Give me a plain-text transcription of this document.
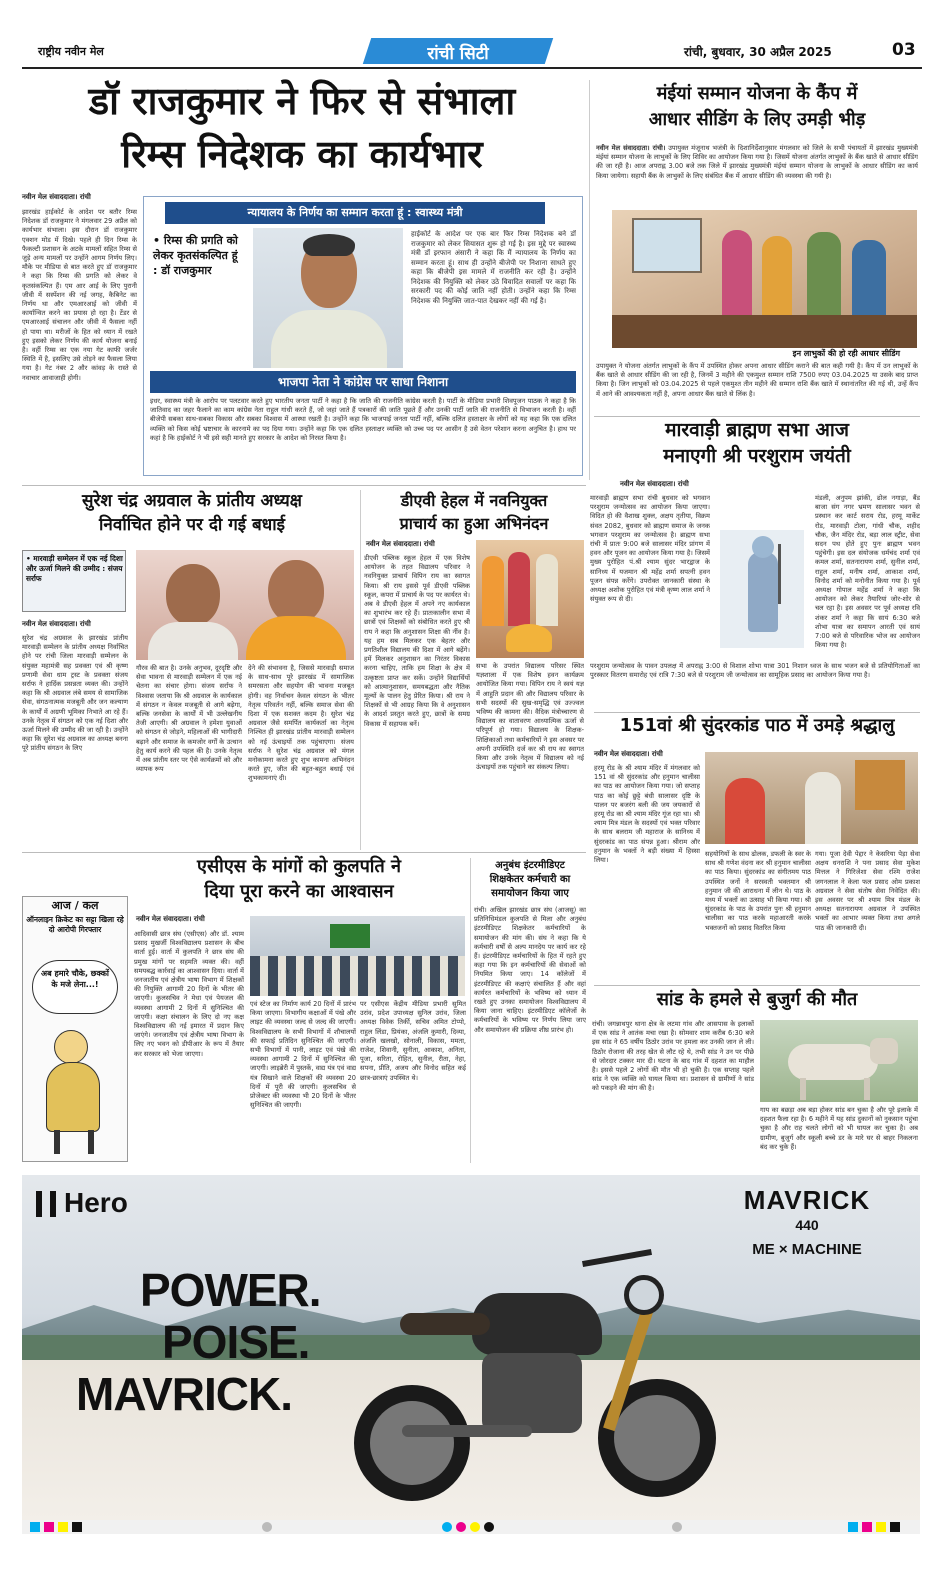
राष्ट्रीय नवीन मेल	रांची सिटी	रांची, बुधवार, 30 अप्रैल 2025	03
डॉ राजकुमार ने फिर से संभाला
रिम्स निदेशक का कार्यभार
नवीन मेल संवाददाता। रांची
झारखंड हाईकोर्ट के आदेश पर बतौर रिम्स निदेशक डॉ राजकुमार ने मंगलवार 29 अप्रैल को कार्यभार संभाला। इस दौरान डॉ राजकुमार एक्शन मोड में दिखे। पहले ही दिन रिम्स के फैकल्टी प्रशासन के अटके मामलों सहित रिम्स से जुड़े अन्य मामलों पर उन्होंने आगम निर्णय लिए। मौके पर मीडिया से बात करते हुए डॉ राजकुमार ने कहा कि रिम्स की प्रगति को लेकर वे कृतसंकल्पित हैं। एम आर आई के लिए पुरानी जीवी में सस्पेंशन की नई जगह, कैबिनेट का निर्णय था और एमआरआई को जीवी में कार्यान्वित करने का प्रयास हो रहा है। टेंडर से एमआरआई संचालन और जीवी में फैसला नहीं हो पाया था। मरीजों के हित को ध्यान में रखते हुए इसको लेकर निर्णय की कार्य योजना बनाई है। वहीं रिम्स का एक नया गेट काफी जर्जर स्थिति में है, इसलिए उसे तोड़ने का फैसला लिया गया है। गेट नंबर 2 और कांवड़ के रास्ते से नवाचार आवाजाही होगी।
न्यायालय के निर्णय का सम्मान करता हूं : स्वास्थ्य मंत्री
• रिम्स की प्रगति को लेकर कृतसंकल्पित हूं : डॉ राजकुमार
हाईकोर्ट के आदेश पर एक बार फिर रिम्स निदेशक बने डॉ राजकुमार को लेकर सियासत शुरू हो गई है। इस मुद्दे पर स्वास्थ्य मंत्री डॉ इरफान अंसारी ने कहा कि मैं न्यायालय के निर्णय का सम्मान करता हूं। साथ ही उन्होंने बीजेपी पर निशाना साधते हुए कहा कि बीजेपी इस मामले में राजनीति कर रही है। उन्होंने निदेशक की नियुक्ति को लेकर उठे विवादित सवालों पर कहा कि सरकारी पद की कोई जाति नहीं होती। उन्होंने कहा कि रिम्स निदेशक की नियुक्ति जात-पात देखकर नहीं की गई है।
भाजपा नेता ने कांग्रेस पर साधा निशाना
इधर, स्वास्थ्य मंत्री के आरोप पर पलटवार करते हुए भारतीय जनता पार्टी ने कहा है कि जाति की राजनीति कांग्रेस करती है। पार्टी के मीडिया प्रभारी शिवपूजन पाठक ने कहा है कि जातिवाद का जहर फैलाने का काम कांग्रेस नेता राहुल गांधी करते हैं, जो जहां जाते हैं पत्रकारों की जाति पूछते हैं और उनकी पार्टी जाति की राजनीति से विभाजन करती है। वहीं बीजेपी सबका साथ-सबका विकास और सबका विश्वास में आस्था रखती है। उन्होंने कहा कि भाजपाई जनता पार्टी नहीं, बल्कि दलित हस्ताक्षर के लोगों को यह कहा कि एक दलित व्यक्ति को किस कोई भ्रष्टाचार के कारनामे का पद दिया गया। उन्होंने कहा कि एक दलित हस्ताक्षर व्यक्ति को उच्च पद पर आसीन है उसे वेतन परेशान करना अनुचित है। हाथ पर कहां है कि हाईकोर्ट ने भी इसे सही मानते हुए सरकार के आदेश को निरस्त किया है।
मंईयां सम्मान योजना के कैंप में
आधार सीडिंग के लिए उमड़ी भीड़
नवीन मेल संवाददाता। रांची। उपायुक्त मंजूनाथ भजंत्री के दिशानिर्देशानुसार मंगलवार को जिले के सभी पंचायतों में झारखंड मुख्यमंत्री मंईयां सम्मान योजना के लाभुकों के लिए शिविर का आयोजन किया गया है। जिसमें योजना अंतर्गत लाभुकों के बैंक खाते से आधार सीडिंग की जा रही है। आज अपराह्न 3.00 बजे तक जिले में झारखंड मुख्यमंत्री मंईयां सम्मान योजना के लाभुकों के आधार सीडिंग का कार्य किया जायेगा। सहायी बैंक के लाभुकों के लिए संबंधित बैंक में आधार सीडिंग की व्यवस्था की गयी है।
इन लाभुकों की हो रही आधार सीडिंग
उपायुक्त ने योजना अंतर्गत लाभुकों के कैंप में उपस्थित होकर अपना आधार सीडिंग कराने की बात कही गयी है। कैंप में उन लाभुकों के बैंक खाते से आधार सीडिंग की जा रही है, जिनमें 3 महीने की एकमुश्त सम्मान राशि 7500 रुपए 03.04.2025 या उसके बाद प्राप्त किया है। जिन लाभुकों को 03.04.2025 से पहले एकमुश्त तीन महीने की सम्मान राशि बैंक खाते में स्थानांतरित की गई थी, उन्हें कैंप में आने की आवश्यकता नहीं है, अपना आधार बैंक खाते से लिंक है।
मारवाड़ी ब्राह्मण सभा आज
मनाएगी श्री परशुराम जयंती
नवीन मेल संवाददाता। रांची
मारवाड़ी ब्राह्मण सभा रांची बुधवार को भगवान परशुराम जन्मोत्सव का आयोजन किया जाएगा। विदित हो की वैशाख शुक्ल, अक्षय तृतीया, विक्रम संवत 2082, बुधवार को ब्राह्मण समाज के जनक भगवान परशुराम का जन्मोत्सव है। ब्राह्मण सभा रांची में प्रातः 9:00 बजे सालासर मंदिर प्रांगण में हवन और पूजन का आयोजन किया गया है। जिसमें मुख्य पुरोहित पं.श्री श्याम सुंदर भारद्वाज के सानिध्य में यजमान श्री महेंद्र शर्मा सपत्नी हवन पूजन संपन्न करेंगे। उपरोक्त जानकारी संस्था के अध्यक्ष अशोक पुरोहित एवं मंत्री कृष्ण लाल शर्मा ने संयुक्त रूप से दी।
मंडली, अनुपम झांकी, ढोल नगाड़ा, बैंड बाजा संग नगर भ्रमण सालासर भवन से प्रस्थान कर कार्ट सराय रोड, हरमू मार्केट रोड, मारवाड़ी टोला, गांधी चौक, शहीद चौक, जैन मंदिर रोड, बड़ा लाल स्ट्रीट, सेवा सदन पथ होते हुए पुनः ब्राह्मण भवन पहुंचेगी। इस दल संयोजक धर्मचंद शर्मा एवं कमल शर्मा, सतनारायण शर्मा, सुनील शर्मा, राहुल शर्मा, मनीष शर्मा, आकाश शर्मा, विनोद शर्मा को मनोनीत किया गया है। पूर्व अध्यक्ष गोपाल महेंद्र शर्मा ने कहा कि आयोजन को लेकर तैयारियां जोर-शोर से चल रहा है। इस अवसर पर पूर्व अध्यक्ष रवि शंकर शर्मा ने कहा कि सायं 6:30 बजे शोभा यात्रा का समापन आरती एवं सायं 7:00 बजे से परिवारिक भोज का आयोजन किया गया है।
परशुराम जन्मोत्सव के पावन उपलक्ष में अपराह्न 3:00 से विशाल शोभा यात्रा 301 निशान ध्वज के साथ भजन बजे से प्रतियोगिताओं का पुरस्कार वितरण समारोह एवं रात्रि 7:30 बजे से परशुराम जी जन्मोत्सव का सामूहिक प्रसाद का आयोजन किया गया है।
151वां श्री सुंदरकांड पाठ में उमड़े श्रद्धालु
नवीन मेल संवाददाता। रांची
हरमू रोड के श्री श्याम मंदिर में मंगलवार को 151 वां श्री सुंदरकांड और हनुमान चालीसा का पाठ का आयोजन किया गया। जो सप्ताह पाठ का कोई छुट्टे बंधी सालासर दृष्टि के पालन पर बजरंग बली की जय जयकारों से हरमू रोड का श्री श्याम मंदिर गूंज रहा था। श्री श्याम मित्र मंडल के सदस्यों एवं भक्त परिवार के साथ बलराम जी महाराज के सानिध्य में सुंदरकांड का पाठ संपन्न हुआ। श्रीराम और हनुमान के भक्तों ने बड़ी संख्या में हिस्सा लिया।
सहयोगियों के साथ ढोलक, डफली के स्वर के साथ श्री गणेश वंदना कर श्री हनुमान चालीसा का पाठ किया। सुंदरकांड का संगीतमय पाठ उपस्थित जनों ने सरस्वती भक्तमान श्री हनुमान जी की आराधना में लीन थे। पाठ के मध्य में भक्तों का उत्साह भी किया गया। श्री सुंदरकांड के पाठ के उपरांत पुनः श्री हनुमान चालीसा का पाठ करके महाआरती करके भक्तजनों को प्रसाद वितरित किया
गया। पूजा देवी पेद्दार ने केसरिया पेड़ा सेवा अक्षय धनराशि ने पना प्रसाद सेवा मुकेश मित्तल ने गिरिजेशा सेवा रश्मि राजेश जगनलाल ने केला फल प्रसाद ओम प्रकाश अग्रवाल ने सेवा संतोष सेवा निवेदित की। इस अवसर पर श्री श्याम मित्र मंडल के अध्यक्ष सतनारायण अग्रवाल ने उपस्थित भक्तों का आभार व्यक्त किया तथा अगले पाठ की जानकारी दी।
सांड के हमले से बुजुर्ग की मौत
रांची। जगन्नाथपुर थाना क्षेत्र के लटमा गांव और आसपास के इलाकों में एक सांड ने आतंक मचा रखा है। सोमवार शाम करीब 6:30 बजे इस सांड ने 65 वर्षीय ठिठोर उरांव पर हमला कर उनकी जान ले ली। ठिठोर रोजाना की तरह खेत से लौट रहे थे, तभी सांड ने उन पर पीछे से जोरदार टक्कर मार दी। घटना के बाद गांव में दहशत का माहौल है। इससे पहले 2 लोगों की मौत भी हो चुकी है। एक सप्ताह पहले सांड ने एक व्यक्ति को घायल किया था। प्रशासन से ग्रामीणों ने सांड को पकड़ने की मांग की है।
गाय का बछड़ा अब बड़ा होकर सांड बन चुका है और पूरे इलाके में दहशत फैला रहा है। 6 महीने में यह सांड दुकानों को नुकसान पहुंचा चुका है और राह चलते लोगों को भी घायल कर चुका है। अब ग्रामीण, बुजुर्ग और स्कूली बच्चे डर के मारे घर से बाहर निकलना बंद कर चुके हैं।
सुरेश चंद्र अग्रवाल के प्रांतीय अध्यक्ष
निर्वाचित होने पर दी गई बधाई
• मारवाड़ी सम्मेलन में एक नई दिशा और ऊर्जा मिलने की उम्मीद : संजय सर्राफ
नवीन मेल संवाददाता। रांची
सुरेश चंद्र अग्रवाल के झारखंड प्रांतीय मारवाड़ी सम्मेलन के प्रांतीय अध्यक्ष निर्वाचित होने पर रांची जिला मारवाड़ी सम्मेलन के संयुक्त महामंत्री सह प्रवक्ता एवं श्री कृष्ण प्रणामी सेवा धाम ट्रस्ट के प्रवक्ता संजय सर्राफ ने हार्दिक प्रसन्नता व्यक्त की। उन्होंने कहा कि श्री अग्रवाल लंबे समय से सामाजिक सेवा, संगठनात्मक मजबूती और जन कल्याण के कार्यों में अग्रणी भूमिका निभाते आ रहे हैं। उनके नेतृत्व में संगठन को एक नई दिशा और ऊर्जा मिलने की उम्मीद की जा रही है। उन्होंने कहा कि सुरेश चंद्र अग्रवाल का अध्यक्ष बनना पूरे प्रांतीय संगठन के लिए
गौरव की बात है। उनके अनुभव, दूरदृष्टि और सेवा भावना से मारवाड़ी सम्मेलन में एक नई चेतना का संचार होगा। संजय सर्राफ ने विश्वास जताया कि श्री अग्रवाल के कार्यकाल में संगठन न केवल मजबूती से आगे बढ़ेगा, बल्कि जनसेवा के कार्यों में भी उल्लेखनीय तेजी आएगी। श्री अग्रवाल ने हमेशा युवाओं को संगठन से जोड़ने, महिलाओं की भागीदारी बढ़ाने और समाज के कमजोर वर्गों के उत्थान हेतु कार्य करने की पहल की है। उनके नेतृत्व में अब प्रांतीय स्तर पर ऐसे कार्यक्रमों को और व्यापक रूप
देने की संभावना है, जिससे मारवाड़ी समाज के साथ-साथ पूरे झारखंड में सामाजिक समरसता और सहयोग की भावना मजबूत होगी। वह निर्वाचन केवल संगठन के भीतर नेतृत्व परिवर्तन नहीं, बल्कि समाज सेवा की दिशा में एक सशक्त कदम है। सुरेश चंद्र अग्रवाल जैसे समर्पित कार्यकर्ता का नेतृत्व निश्चित ही झारखंड प्रांतीय मारवाड़ी सम्मेलन को नई ऊंचाइयों तक पहुंचाएगा। संजय सर्राफ ने सुरेश चंद्र अग्रवाल को मंगल मनोकामना करते हुए शुभ कामना अभिनंदन करते हुए, जीत की बहुत-बहुत बधाई एवं शुभकामनाएं दी।
डीएवी हेहल में नवनियुक्त
प्राचार्य का हुआ अभिनंदन
नवीन मेल संवाददाता। रांची
डीएवी पब्लिक स्कूल हेहल में एक विशेष आयोजन के तहत विद्यालय परिवार ने नवनियुक्त प्राचार्य विपिन राय का स्वागत किया। श्री राय इससे पूर्व डीएवी पब्लिक स्कूल, कपरा में प्राचार्य के पद पर कार्यरत थे। अब वे डीएवी हेहल में अपने नए कार्यकाल का शुभारंभ कर रहे हैं। प्रातःकालीन सभा में छात्रों एवं शिक्षकों को संबोधित करते हुए श्री राय ने कहा कि अनुशासन शिक्षा की नींव है। यह हम सब मिलकर एक बेहतर और प्रगतिशील विद्यालय की दिशा में आगे बढ़ेंगे। हमें मिलकर अनुशासन का निरंतर विकास करना चाहिए, ताकि हम शिक्षा के क्षेत्र में उत्कृष्टता प्राप्त कर सकें। उन्होंने विद्यार्थियों को आत्मानुशासन, समयबद्धता और नैतिक मूल्यों के पालन हेतु प्रेरित किया। श्री राय ने शिक्षकों से भी आग्रह किया कि वे अनुशासन के आदर्श प्रस्तुत करते हुए, छात्रों के समग्र विकास में सहायक बनें।
सभा के उपरांत विद्यालय परिसर स्थित यज्ञशाला में एक विशेष हवन कार्यक्रम आयोजित किया गया। विपिन राय ने स्वयं यज्ञ में आहुति प्रदान की और विद्यालय परिवार के सभी सदस्यों की सुख-समृद्धि एवं उज्ज्वल भविष्य की कामना की। वैदिक मंत्रोच्चारण से विद्यालय का वातावरण आध्यात्मिक ऊर्जा से परिपूर्ण हो गया। विद्यालय के शिक्षक-शिक्षिकाओं तथा कर्मचारियों ने इस अवसर पर अपनी उपस्थिति दर्ज कर श्री राय का स्वागत किया और उनके नेतृत्व में विद्यालय को नई ऊंचाइयों तक पहुंचाने का संकल्प लिया।
आज / कल
ऑनलाइन क्रिकेट का सट्टा खिला रहे दो आरोपी गिरफ्तार
अब हमारे चौके, छक्कों के मजे लेना...!
एसीएस के मांगों को कुलपति ने
दिया पूरा करने का आश्वासन
नवीन मेल संवाददाता। रांची
आदिवासी छात्र संघ (एसीएस) और डॉ. श्याम प्रसाद मुखर्जी विश्वविद्यालय प्रशासन के बीच वार्ता हुई। वार्ता में कुलपति ने छात्र संघ की प्रमुख मांगों पर सहमति व्यक्त की। वहीं समयबद्ध कार्रवाई का आश्वासन दिया। वार्ता में जनजातीय एवं क्षेत्रीय भाषा विभाग में शिक्षकों की नियुक्ति आगामी 20 दिनों के भीतर की जाएगी। कुलसचिव ने मेधा एवं पेयजल की व्यवस्था आगामी 2 दिनों में सुनिश्चित की जाएगी। कक्षा संचालन के लिए दो नए कक्ष विश्वविद्यालय की नई इमारत में प्रदान किए जाएंगे। जनजातीय एवं क्षेत्रीय भाषा विभाग के लिए नए भवन को डीपीआर के रूप में तैयार कर सरकार को भेजा जाएगा।
एवं स्टेज का निर्माण कार्य 20 दिनों में प्रारंभ किया जाएगा। विभागीय कक्षाओं में पंखे और लाइट की व्यवस्था जल्द से जल्द की जाएगी। विश्वविद्यालय के सभी विभागों में शौचालयों की सफाई प्रतिदिन सुनिश्चित की जाएगी। सभी विभागों में पानी, लाइट एवं पंखे की व्यवस्था आगामी 2 दिनों में सुनिश्चित की जाएगी। लाइब्रेरी में पुस्तकें, वाद्य यंत्र एवं वाद्य यंत्र सिखाने वाले शिक्षकों की व्यवस्था 20 दिनों में पूरी की जाएगी। कुलसचिव से प्रोजेक्टर की व्यवस्था भी 20 दिनों के भीतर सुनिश्चित की जाएगी।
पर एसीएस केंद्रीय मीडिया प्रभारी सुमित उरांव, प्रदेश उपाध्यक्ष सुनिल उरांव, जिला अध्यक्ष विवेक तिर्की, सचिव अमित टोप्पो, राहुल लिंडा, प्रियंका, अंजलि कुमारी, दिव्या, अंजलि खलखो, सोनाली, विकास, ममता, राजेश, शिवानी, सुनीता, आकाश, अनिता, पूजा, सरिता, रोहित, सुनील, रीता, नेहा, सपना, प्रीति, अजय और विनोद सहित कई छात्र-छात्राएं उपस्थित थे।
अनुबंध इंटरमीडिएट
शिक्षकेतर कर्मचारी का
समायोजन किया जाए
रांची। अखिल झारखंड छात्र संघ (आजसू) का प्रतिनिधिमंडल कुलपति से मिला और अनुबंध इंटरमीडिएट शिक्षकेतर कर्मचारियों के समायोजन की मांग की। संघ ने कहा कि ये कर्मचारी वर्षों से अल्प मानदेय पर कार्य कर रहे हैं। इंटरमीडिएट कर्मचारियों के हित में रहते हुए कहा गया कि इन कर्मचारियों की सेवाओं को नियमित किया जाए। 14 कॉलेजों में इंटरमीडिएट की कक्षाएं संचालित हैं और वहां कार्यरत कर्मचारियों के भविष्य को ध्यान में रखते हुए उनका समायोजन विश्वविद्यालय में किया जाना चाहिए। इंटरमीडिएट कॉलेजों के कर्मचारियों के भविष्य पर निर्णय लिया जाए और समायोजन की प्रक्रिया शीघ्र प्रारंभ हो।
Hero
POWER.
POISE.
MAVRICK.
MAVRICK
440
ME × MACHINE
